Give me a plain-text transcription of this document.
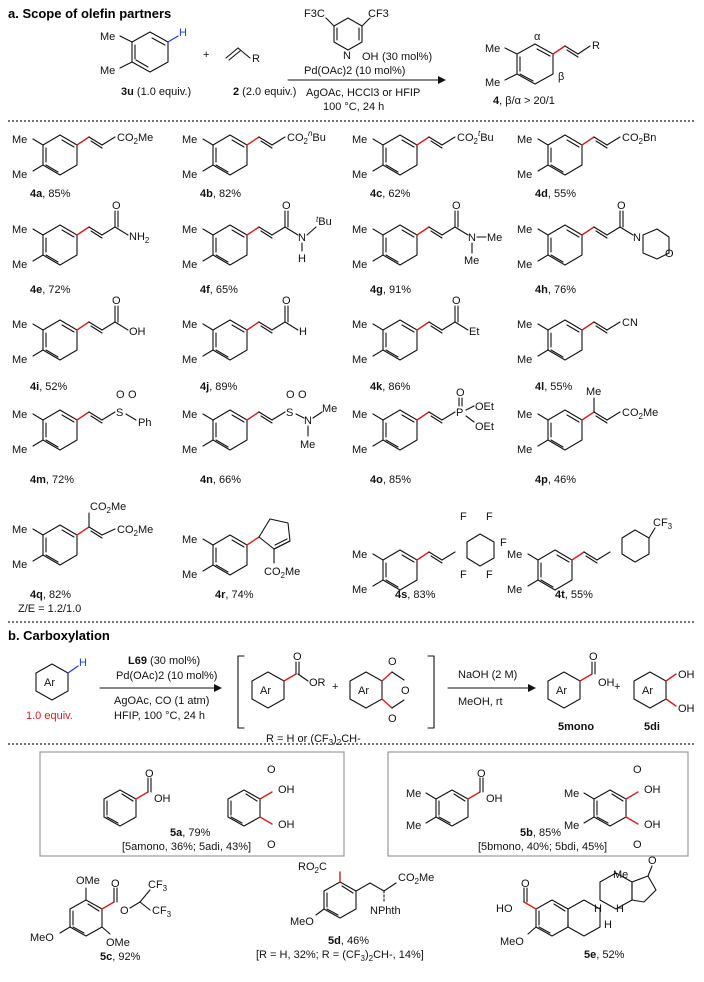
a. Scope of olefin partners
H
Me
Me
3u (1.0 equiv.)
+	R
2 (2.0 equiv.)
F3C	CF3
N OH (30 mol%)
Pd(OAc)2 (10 mol%)
AgOAc, HCCl3 or HFIP
100 °C, 24 h
R
Me
Me
α
β
4, β/α > 20/1
Me
Me
$CO_2Me$
4a, 85%
Me
Me
$CO_2^nBu$
4b, 82%
Me
Me
$CO_2^tBu$
4c, 62%
Me
Me
$CO_2Bn$
4d, 55%
O
$NH_2$
Me
Me
4e, 72%
O
N
$^t$Bu
H
Me
Me
4f, 65%
O
N Me
Me
Me
Me
4g, 91%
O
N
O
Me
Me
4h, 76%
O
OH
Me
Me
4i, 52%
O
H
Me
Me
4j, 89%
O
Et
Me
Me
4k, 86%
CN
Me
Me
4l, 55%
S
O O
Ph
Me
Me
4m, 72%
S
O O
N
Me
Me
Me
Me
4n, 66%
P
O
OEt
OEt
Me
Me
4o, 85%
Me
$CO_2Me$
Me
Me
4p, 46%
$CO_2Me$
$CO_2Me$
Me
Me
4q, 82%
Z/E = 1.2/1.0
$CO_2Me$
Me
Me
4r, 74%
F F
F
F
F
Me
Me	4s, 83%
$CF_3$
Me
Me	4t, 55%
b. Carboxylation
Ar
H
1.0 equiv.
L69 (30 mol%)
Pd(OAc)2 (10 mol%)
AgOAc, CO (1 atm)
HFIP, 100 °C, 24 h
Ar
O
OR + Ar	O
O
O
R = H or $(CF_3)_2CH-$
NaOH (2 M)
MeOH, rt
Ar
O
OH
5mono
+ Ar
OH
OH
5di
O
OH
O
OH
OH
O
5a, 79%
[5amono, 36%; 5adi, 43%]
Me
Me
O
OH	Me
Me
O
OH
OH
O
5b, 85%
[5bmono, 40%; 5bdi, 45%]
OMe
OMe
MeO
O
O
$CF_3$
$CF_3$
5c, 92%
$RO_2C$
MeO
$CO_2Me$
NPhth
5d, 46%
[R = H, 32%; $R = (CF_3)_2CH-$, 14%]
O
Me
H H
H
O
HO
MeO
5e, 52%
